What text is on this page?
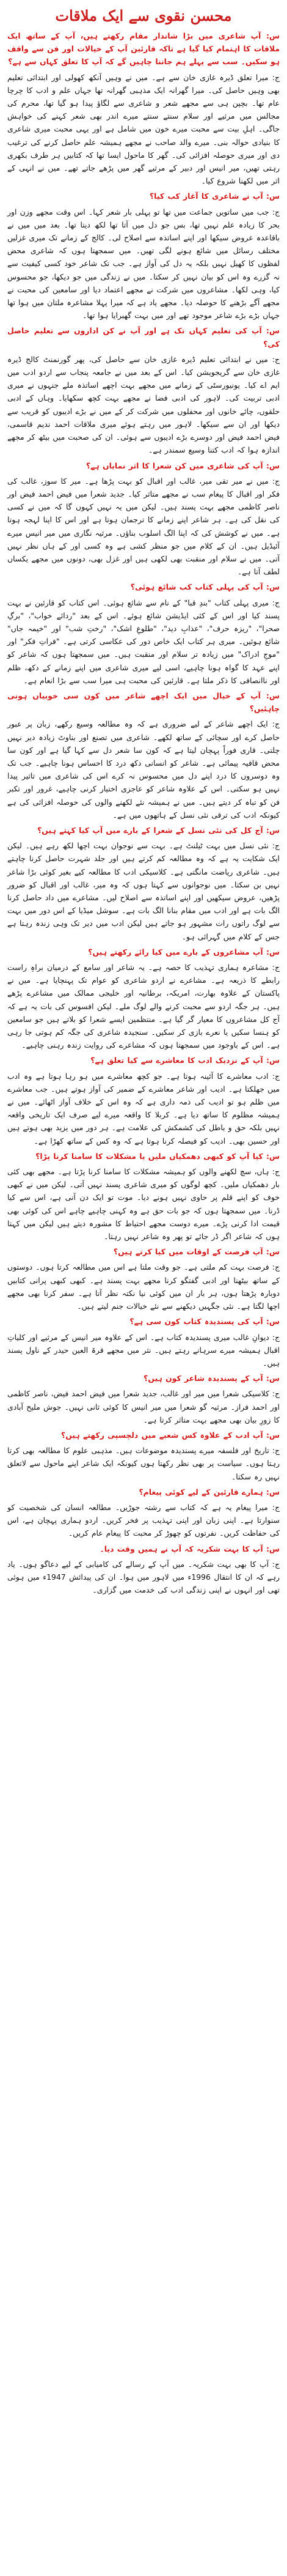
محسن نقوی سے ایک ملاقات

س: آپ شاعری میں بڑا شاندار مقام رکھتے ہیں، آپ کے ساتھ ایک ملاقات کا اہتمام کیا گیا ہے تاکہ قارئین آپ کے خیالات اور فن سے واقف ہو سکیں۔ سب سے پہلے ہم جاننا چاہیں گے کہ آپ کا تعلق کہاں سے ہے؟

ج: میرا تعلق ڈیرہ غازی خان سے ہے۔ میں نے وہیں آنکھ کھولی اور ابتدائی تعلیم بھی وہیں حاصل کی۔ میرا گھرانہ ایک مذہبی گھرانہ تھا جہاں علم و ادب کا چرچا عام تھا۔ بچپن ہی سے مجھے شعر و شاعری سے لگاؤ پیدا ہو گیا تھا، محرم کی مجالس میں مرثیے اور سلام سنتے سنتے میرے اندر بھی شعر کہنے کی خواہش جاگی۔ اہلِ بیت سے محبت میرے خون میں شامل ہے اور یہی محبت میری شاعری کا بنیادی حوالہ بنی۔ میرے والد صاحب نے مجھے ہمیشہ علم حاصل کرنے کی ترغیب دی اور میری حوصلہ افزائی کی۔ گھر کا ماحول ایسا تھا کہ کتابیں ہر طرف بکھری رہتی تھیں، میر انیس اور دبیر کے مرثیے گھر میں پڑھے جاتے تھے۔ میں نے انہی کے اثر میں لکھنا شروع کیا۔

س: آپ نے شاعری کا آغاز کب کیا؟

ج: جب میں ساتویں جماعت میں تھا تو پہلی بار شعر کہا۔ اس وقت مجھے وزن اور بحر کا زیادہ علم نہیں تھا، بس جو دل میں آتا تھا لکھ دیتا تھا۔ بعد میں میں نے باقاعدہ عروض سیکھا اور اپنے اساتذہ سے اصلاح لی۔ کالج کے زمانے تک میری غزلیں مختلف رسائل میں شائع ہونے لگی تھیں۔ میں سمجھتا ہوں کہ شاعری محض لفظوں کا کھیل نہیں بلکہ یہ دل کی آواز ہے۔ جب تک شاعر خود کسی کیفیت سے نہ گزرے وہ اس کو بیان نہیں کر سکتا۔ میں نے زندگی میں جو دیکھا، جو محسوس کیا، وہی لکھا۔ مشاعروں میں شرکت نے مجھے اعتماد دیا اور سامعین کی محبت نے مجھے آگے بڑھنے کا حوصلہ دیا۔ مجھے یاد ہے کہ میرا پہلا مشاعرہ ملتان میں ہوا تھا جہاں بڑے بڑے شاعر موجود تھے اور میں بہت گھبرایا ہوا تھا۔

س: آپ کی تعلیم کہاں تک ہے اور آپ نے کن اداروں سے تعلیم حاصل کی؟

ج: میں نے ابتدائی تعلیم ڈیرہ غازی خان سے حاصل کی، پھر گورنمنٹ کالج ڈیرہ غازی خان سے گریجویشن کیا۔ اس کے بعد میں نے جامعہ پنجاب سے اردو ادب میں ایم اے کیا۔ یونیورسٹی کے زمانے میں مجھے بہت اچھے اساتذہ ملے جنہوں نے میری ادبی تربیت کی۔ لاہور کی ادبی فضا نے مجھے بہت کچھ سکھایا۔ وہاں کے ادبی حلقوں، چائے خانوں اور محفلوں میں شرکت کر کے میں نے بڑے ادیبوں کو قریب سے دیکھا اور ان سے سیکھا۔ لاہور میں رہتے ہوئے میری ملاقات احمد ندیم قاسمی، فیض احمد فیض اور دوسرے بڑے ادیبوں سے ہوئی۔ ان کی صحبت میں بیٹھ کر مجھے اندازہ ہوا کہ ادب کتنا وسیع سمندر ہے۔

س: آپ کی شاعری میں کن شعرا کا اثر نمایاں ہے؟

ج: میں نے میر تقی میر، غالب اور اقبال کو بہت پڑھا ہے۔ میر کا سوز، غالب کی فکر اور اقبال کا پیغام سب نے مجھے متاثر کیا۔ جدید شعرا میں فیض احمد فیض اور ناصر کاظمی مجھے بہت پسند ہیں۔ لیکن میں یہ نہیں کہوں گا کہ میں نے کسی کی نقل کی ہے۔ ہر شاعر اپنے زمانے کا ترجمان ہوتا ہے اور اس کا اپنا لہجہ ہوتا ہے۔ میں نے کوشش کی کہ اپنا الگ اسلوب بناؤں۔ مرثیہ نگاری میں میر انیس میرے آئیڈیل ہیں۔ ان کے کلام میں جو منظر کشی ہے وہ کسی اور کے ہاں نظر نہیں آتی۔ میں نے سلام اور منقبت بھی لکھی ہیں اور غزل بھی، دونوں میں مجھے یکساں لطف آتا ہے۔

س: آپ کی پہلی کتاب کب شائع ہوئی؟

ج: میری پہلی کتاب "بندِ قبا" کے نام سے شائع ہوئی۔ اس کتاب کو قارئین نے بہت پسند کیا اور اس کے کئی ایڈیشن شائع ہوئے۔ اس کے بعد "ردائے خواب"، "برگِ صحرا"، "ریزہ حرف"، "عذابِ دید"، "طلوعِ اشک"، "رختِ شب" اور "خیمہ جاں" شائع ہوئیں۔ میری ہر کتاب ایک خاص دور کی عکاسی کرتی ہے۔ "فراتِ فکر" اور "موجِ ادراک" میں زیادہ تر سلام اور منقبت ہیں۔ میں سمجھتا ہوں کہ شاعر کو اپنے عہد کا گواہ ہونا چاہیے، اسی لیے میری شاعری میں اپنے زمانے کے دکھ، ظلم اور ناانصافی کا ذکر ملتا ہے۔ قارئین کی محبت ہی میرا سب سے بڑا انعام ہے۔

س: آپ کے خیال میں ایک اچھے شاعر میں کون سی خوبیاں ہونی چاہئیں؟

ج: ایک اچھے شاعر کے لیے ضروری ہے کہ وہ مطالعہ وسیع رکھے، زبان پر عبور حاصل کرے اور سچائی کے ساتھ لکھے۔ شاعری میں تصنع اور بناوٹ زیادہ دیر نہیں چلتی۔ قاری فوراً پہچان لیتا ہے کہ کون سا شعر دل سے کہا گیا ہے اور کون سا محض قافیہ پیمائی ہے۔ شاعر کو انسانی دکھ درد کا احساس ہونا چاہیے۔ جب تک وہ دوسروں کا درد اپنے دل میں محسوس نہ کرے اس کی شاعری میں تاثیر پیدا نہیں ہو سکتی۔ اس کے علاوہ شاعر کو عاجزی اختیار کرنی چاہیے، غرور اور تکبر فن کو تباہ کر دیتے ہیں۔ میں نے ہمیشہ نئے لکھنے والوں کی حوصلہ افزائی کی ہے کیونکہ ادب کی ترقی نئی نسل کے ہاتھوں میں ہے۔

س: آج کل کی نئی نسل کے شعرا کے بارے میں آپ کیا کہتے ہیں؟

ج: نئی نسل میں بہت ٹیلنٹ ہے۔ بہت سے نوجوان بہت اچھا لکھ رہے ہیں۔ لیکن ایک شکایت یہ ہے کہ وہ مطالعہ کم کرتے ہیں اور جلد شہرت حاصل کرنا چاہتے ہیں۔ شاعری ریاضت مانگتی ہے۔ کلاسیکی ادب کا مطالعہ کیے بغیر کوئی بڑا شاعر نہیں بن سکتا۔ میں نوجوانوں سے کہتا ہوں کہ وہ میر، غالب اور اقبال کو ضرور پڑھیں، عروض سیکھیں اور اپنے اساتذہ سے اصلاح لیں۔ مشاعرے میں داد حاصل کرنا الگ بات ہے اور ادب میں مقام بنانا الگ بات ہے۔ سوشل میڈیا کے اس دور میں بہت سے لوگ راتوں رات مشہور ہو جاتے ہیں لیکن ادب میں دیر تک وہی زندہ رہتا ہے جس کے کلام میں گہرائی ہو۔

س: آپ مشاعروں کے بارے میں کیا رائے رکھتے ہیں؟

ج: مشاعرہ ہماری تہذیب کا حصہ ہے۔ یہ شاعر اور سامع کے درمیان براہِ راست رابطے کا ذریعہ ہے۔ مشاعرے نے اردو شاعری کو عوام تک پہنچایا ہے۔ میں نے پاکستان کے علاوہ بھارت، امریکہ، برطانیہ اور خلیجی ممالک میں مشاعرے پڑھے ہیں۔ ہر جگہ اردو سے محبت کرنے والے لوگ ملے۔ لیکن افسوس کی بات یہ ہے کہ آج کل مشاعروں کا معیار گر گیا ہے۔ منتظمین ایسے شعرا کو بلاتے ہیں جو سامعین کو ہنسا سکیں یا نعرے بازی کر سکیں۔ سنجیدہ شاعری کی جگہ کم ہوتی جا رہی ہے۔ اس کے باوجود میں سمجھتا ہوں کہ مشاعرے کی روایت زندہ رہنی چاہیے۔

س: آپ کے نزدیک ادب کا معاشرے سے کیا تعلق ہے؟

ج: ادب معاشرے کا آئینہ ہوتا ہے۔ جو کچھ معاشرے میں ہو رہا ہوتا ہے وہ ادب میں جھلکتا ہے۔ ادیب اور شاعر معاشرے کے ضمیر کی آواز ہوتے ہیں۔ جب معاشرے میں ظلم ہو تو ادیب کی ذمہ داری ہے کہ وہ اس کے خلاف آواز اٹھائے۔ میں نے ہمیشہ مظلوم کا ساتھ دیا ہے۔ کربلا کا واقعہ میرے لیے صرف ایک تاریخی واقعہ نہیں بلکہ حق و باطل کی کشمکش کی علامت ہے۔ ہر دور میں یزید بھی ہوتے ہیں اور حسین بھی۔ ادیب کو فیصلہ کرنا ہوتا ہے کہ وہ کس کے ساتھ کھڑا ہے۔

س: کیا آپ کو کبھی دھمکیاں ملیں یا مشکلات کا سامنا کرنا پڑا؟

ج: ہاں، سچ لکھنے والوں کو ہمیشہ مشکلات کا سامنا کرنا پڑتا ہے۔ مجھے بھی کئی بار دھمکیاں ملیں۔ کچھ لوگوں کو میری شاعری پسند نہیں آتی۔ لیکن میں نے کبھی خوف کو اپنے قلم پر حاوی نہیں ہونے دیا۔ موت تو ایک دن آنی ہے، اس سے کیا ڈرنا۔ میں سمجھتا ہوں کہ جو بات حق ہے وہ کہنی چاہیے چاہے اس کی کوئی بھی قیمت ادا کرنی پڑے۔ میرے دوست مجھے احتیاط کا مشورہ دیتے ہیں لیکن میں کہتا ہوں کہ شاعر اگر ڈر جائے تو پھر وہ شاعر نہیں رہتا۔

س: آپ فرصت کے اوقات میں کیا کرتے ہیں؟

ج: فرصت بہت کم ملتی ہے۔ جو وقت ملتا ہے اس میں مطالعہ کرتا ہوں۔ دوستوں کے ساتھ بیٹھنا اور ادبی گفتگو کرنا مجھے بہت پسند ہے۔ کبھی کبھی پرانی کتابیں دوبارہ پڑھتا ہوں، ہر بار ان میں کوئی نیا نکتہ نظر آتا ہے۔ سفر کرنا بھی مجھے اچھا لگتا ہے۔ نئی جگہیں دیکھنے سے نئے خیالات جنم لیتے ہیں۔

س: آپ کی پسندیدہ کتاب کون سی ہے؟

ج: دیوانِ غالب میری پسندیدہ کتاب ہے۔ اس کے علاوہ میر انیس کے مرثیے اور کلیاتِ اقبال ہمیشہ میرے سرہانے رہتے ہیں۔ نثر میں مجھے قرۃ العین حیدر کے ناول پسند ہیں۔

س: آپ کے پسندیدہ شاعر کون ہیں؟

ج: کلاسیکی شعرا میں میر اور غالب، جدید شعرا میں فیض احمد فیض، ناصر کاظمی اور احمد فراز۔ مرثیہ گو شعرا میں میر انیس کا کوئی ثانی نہیں۔ جوش ملیح آبادی کا زورِ بیان بھی مجھے بہت متاثر کرتا ہے۔

س: آپ ادب کے علاوہ کس شعبے میں دلچسپی رکھتے ہیں؟

ج: تاریخ اور فلسفہ میرے پسندیدہ موضوعات ہیں۔ مذہبی علوم کا مطالعہ بھی کرتا رہتا ہوں۔ سیاست پر بھی نظر رکھتا ہوں کیونکہ ایک شاعر اپنے ماحول سے لاتعلق نہیں رہ سکتا۔

س: ہمارے قارئین کے لیے کوئی پیغام؟

ج: میرا پیغام یہ ہے کہ کتاب سے رشتہ جوڑیں۔ مطالعہ انسان کی شخصیت کو سنوارتا ہے۔ اپنی زبان اور اپنی تہذیب پر فخر کریں۔ اردو ہماری پہچان ہے، اس کی حفاظت کریں۔ نفرتوں کو چھوڑ کر محبت کا پیغام عام کریں۔

س: آپ کا بہت شکریہ کہ آپ نے ہمیں وقت دیا۔

ج: آپ کا بھی بہت شکریہ۔ میں آپ کے رسالے کی کامیابی کے لیے دعاگو ہوں۔ یاد رہے کہ ان کا انتقال 1996ء میں لاہور میں ہوا۔ ان کی پیدائش 1947ء میں ہوئی تھی اور انہوں نے اپنی زندگی ادب کی خدمت میں گزاری۔
